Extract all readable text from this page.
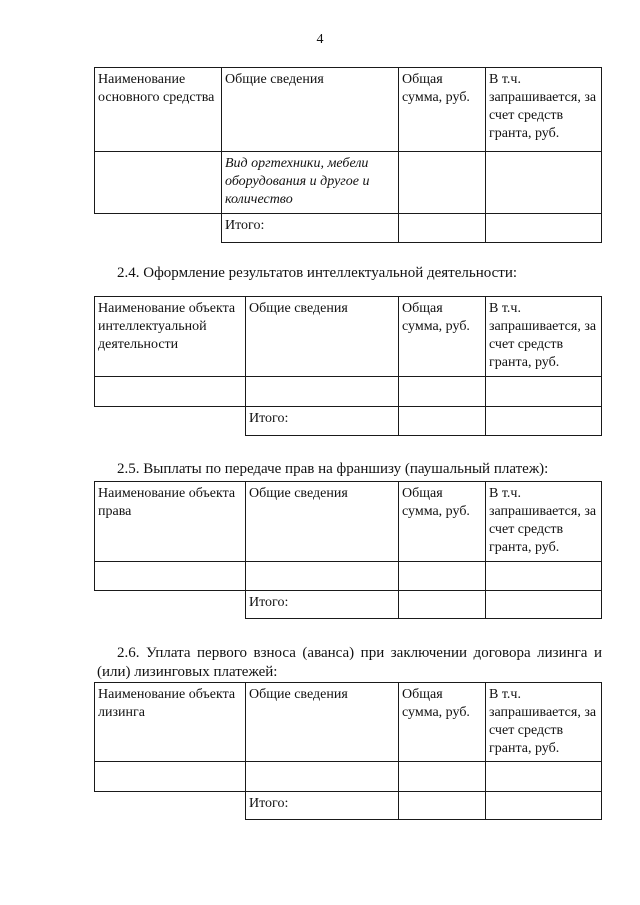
4
Наименование основного средства	Общие сведения	Общая сумма, руб.	В т.ч. запрашивается, за счет средств гранта, руб.
	Вид оргтехники, мебели оборудования и другое и количество		
	Итого:		
2.4. Оформление результатов интеллектуальной деятельности:
Наименование объекта интеллектуальной деятельности	Общие сведения	Общая сумма, руб.	В т.ч. запрашивается, за счет средств гранта, руб.

	Итого:		
2.5. Выплаты по передаче прав на франшизу (паушальный платеж):
Наименование объекта права	Общие сведения	Общая сумма, руб.	В т.ч. запрашивается, за счет средств гранта, руб.

	Итого:		
2.6. Уплата первого взноса (аванса) при заключении договора лизинга и (или) лизинговых платежей:
Наименование объекта лизинга	Общие сведения	Общая сумма, руб.	В т.ч. запрашивается, за счет средств гранта, руб.

	Итого:		
